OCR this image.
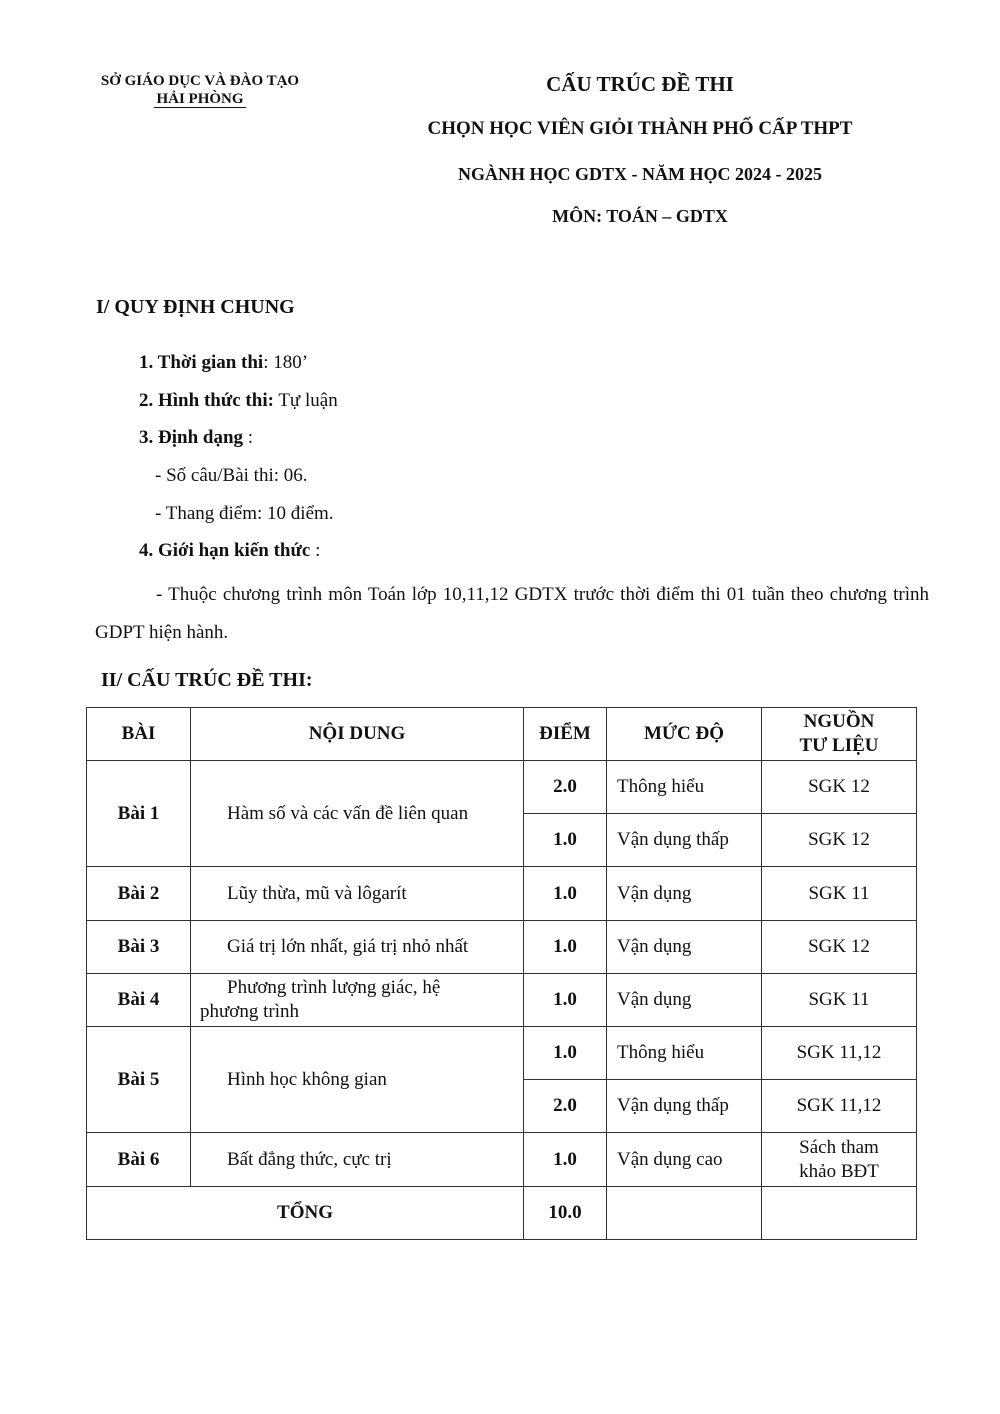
SỞ GIÁO DỤC VÀ ĐÀO TẠO
HẢI PHÒNG
CẤU TRÚC ĐỀ THI
CHỌN HỌC VIÊN GIỎI THÀNH PHỐ CẤP THPT
NGÀNH HỌC GDTX - NĂM HỌC 2024 - 2025
MÔN: TOÁN – GDTX
I/ QUY ĐỊNH CHUNG
1. Thời gian thi: 180’
2. Hình thức thi: Tự luận
3. Định dạng :
- Số câu/Bài thi: 06.
- Thang điểm: 10 điểm.
4. Giới hạn kiến thức :
- Thuộc chương trình môn Toán lớp 10,11,12 GDTX trước thời điểm thi 01 tuần theo chương trình GDPT hiện hành.
II/ CẤU TRÚC ĐỀ THI:
BÀI	NỘI DUNG	ĐIỂM	MỨC ĐỘ	NGUỒN
TƯ LIỆU

Bài 1	Hàm số và các vấn đề liên quan	2.0	Thông hiểu	SGK 12
		1.0	Vận dụng thấp	SGK 12
Bài 2	Lũy thừa, mũ và lôgarít	1.0	Vận dụng	SGK 11
Bài 3	Giá trị lớn nhất, giá trị nhỏ nhất	1.0	Vận dụng	SGK 12
Bài 4	Phương trình lượng giác, hệ
phương trình	1.0	Vận dụng	SGK 11
Bài 5	Hình học không gian	1.0	Thông hiểu	SGK 11,12
		2.0	Vận dụng thấp	SGK 11,12
Bài 6	Bất đẳng thức, cực trị	1.0	Vận dụng cao	Sách tham
khảo BĐT

TỔNG		10.0		
